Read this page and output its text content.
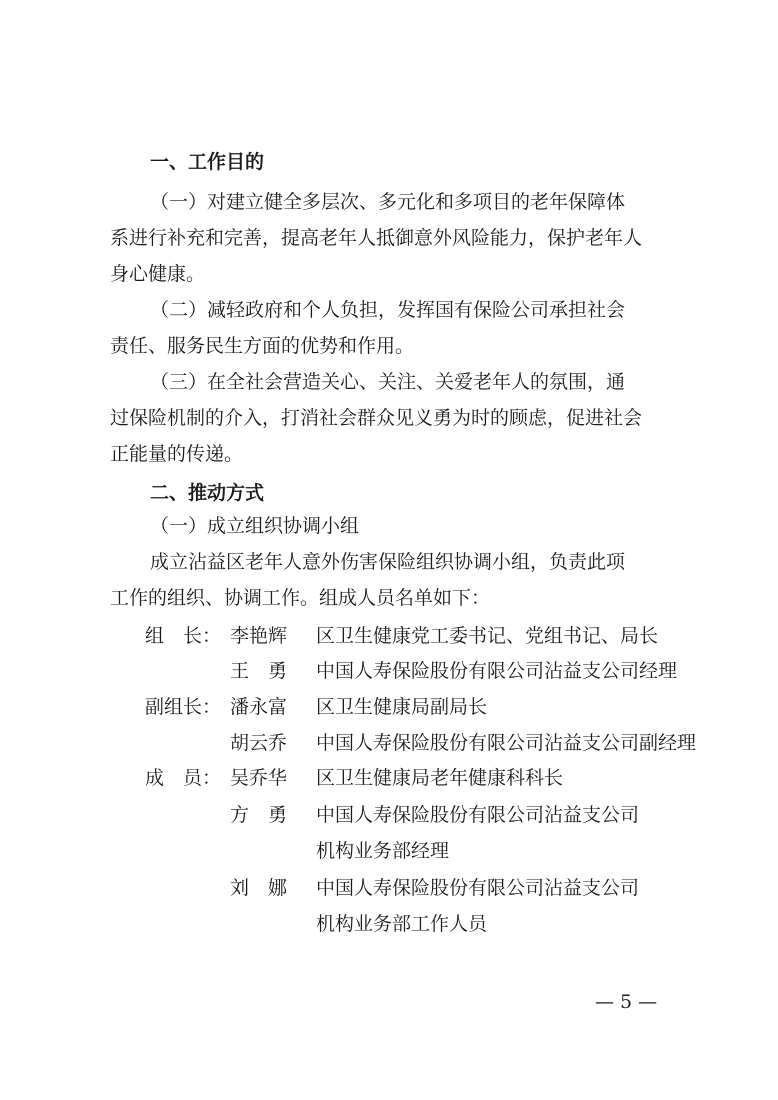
一、工作目的
（一）对建立健全多层次、多元化和多项目的老年保障体
系进行补充和完善，提高老年人抵御意外风险能力，保护老年人
身心健康。
（二）减轻政府和个人负担，发挥国有保险公司承担社会
责任、服务民生方面的优势和作用。
（三）在全社会营造关心、关注、关爱老年人的氛围，通
过保险机制的介入，打消社会群众见义勇为时的顾虑，促进社会
正能量的传递。
二、推动方式
（一）成立组织协调小组
成立沾益区老年人意外伤害保险组织协调小组，负责此项
工作的组织、协调工作。组成人员名单如下：
组　长： 李艳辉	区卫生健康党工委书记、党组书记、局长
王　勇	中国人寿保险股份有限公司沾益支公司经理
副组长： 潘永富	区卫生健康局副局长
胡云乔	中国人寿保险股份有限公司沾益支公司副经理
成　员： 吴乔华	区卫生健康局老年健康科科长
方　勇	中国人寿保险股份有限公司沾益支公司
机构业务部经理
刘　娜	中国人寿保险股份有限公司沾益支公司
机构业务部工作人员
— 5 —
